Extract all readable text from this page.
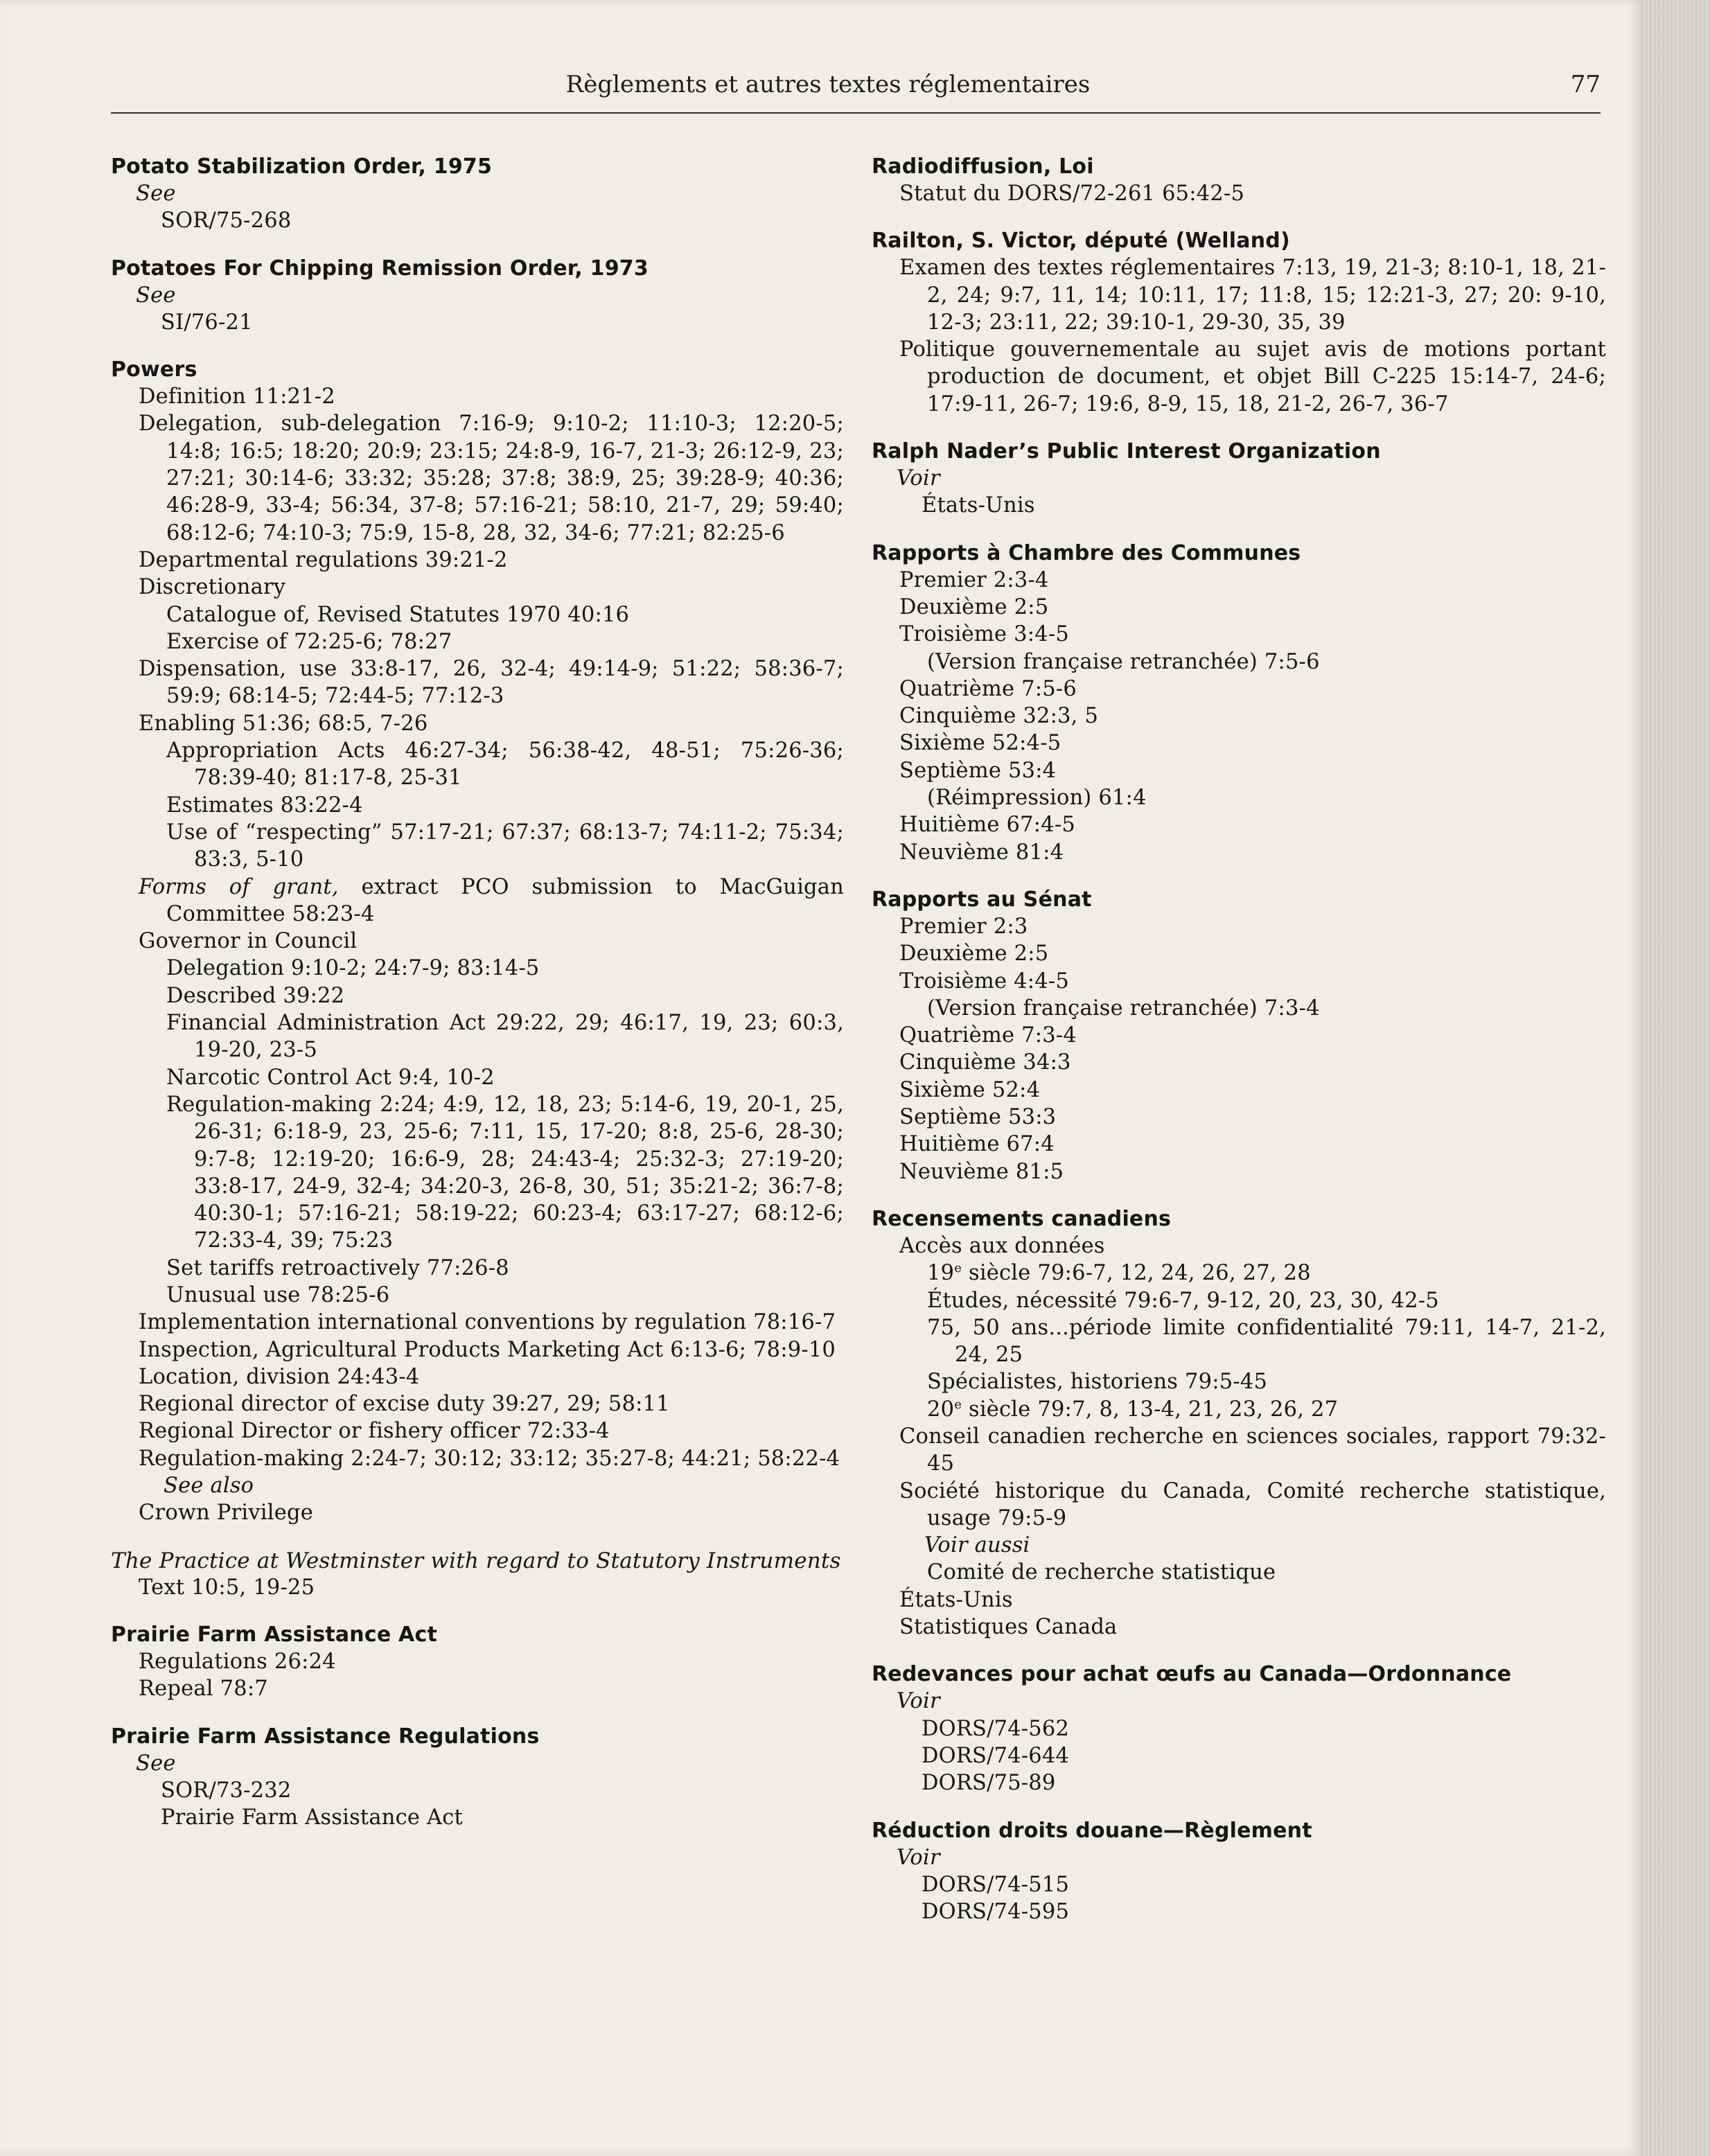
Règlements et autres textes réglementaires	77
Potato Stabilization Order, 1975
See
SOR/75-268
Potatoes For Chipping Remission Order, 1973
See
SI/76-21
Powers
Definition 11:21-2
Delegation, sub-delegation 7:16-9; 9:10-2; 11:10-3; 12:20-5; 14:8; 16:5; 18:20; 20:9; 23:15; 24:8-9, 16-7, 21-3; 26:12-9, 23; 27:21; 30:14-6; 33:32; 35:28; 37:8; 38:9, 25; 39:28-9; 40:36; 46:28-9, 33-4; 56:34, 37-8; 57:16-21; 58:10, 21-7, 29; 59:40; 68:12-6; 74:10-3; 75:9, 15-8, 28, 32, 34-6; 77:21; 82:25-6
Departmental regulations 39:21-2
Discretionary
Catalogue of, Revised Statutes 1970 40:16
Exercise of 72:25-6; 78:27
Dispensation, use 33:8-17, 26, 32-4; 49:14-9; 51:22; 58:36-7; 59:9; 68:14-5; 72:44-5; 77:12-3
Enabling 51:36; 68:5, 7-26
Appropriation Acts 46:27-34; 56:38-42, 48-51; 75:26-36; 78:39-40; 81:17-8, 25-31
Estimates 83:22-4
Use of “respecting” 57:17-21; 67:37; 68:13-7; 74:11-2; 75:34; 83:3, 5-10
Forms of grant, extract PCO submission to MacGuigan Committee 58:23-4
Governor in Council
Delegation 9:10-2; 24:7-9; 83:14-5
Described 39:22
Financial Administration Act 29:22, 29; 46:17, 19, 23; 60:3, 19-20, 23-5
Narcotic Control Act 9:4, 10-2
Regulation-making 2:24; 4:9, 12, 18, 23; 5:14-6, 19, 20-1, 25, 26-31; 6:18-9, 23, 25-6; 7:11, 15, 17-20; 8:8, 25-6, 28-30; 9:7-8; 12:19-20; 16:6-9, 28; 24:43-4; 25:32-3; 27:19-20; 33:8-17, 24-9, 32-4; 34:20-3, 26-8, 30, 51; 35:21-2; 36:7-8; 40:30-1; 57:16-21; 58:19-22; 60:23-4; 63:17-27; 68:12-6; 72:33-4, 39; 75:23
Set tariffs retroactively 77:26-8
Unusual use 78:25-6
Implementation international conventions by regulation 78:16-7
Inspection, Agricultural Products Marketing Act 6:13-6; 78:9-10
Location, division 24:43-4
Regional director of excise duty 39:27, 29; 58:11
Regional Director or fishery officer 72:33-4
Regulation-making 2:24-7; 30:12; 33:12; 35:27-8; 44:21; 58:22-4
See also
Crown Privilege
The Practice at Westminster with regard to Statutory Instruments
Text 10:5, 19-25
Prairie Farm Assistance Act
Regulations 26:24
Repeal 78:7
Prairie Farm Assistance Regulations
See
SOR/73-232
Prairie Farm Assistance Act
Radiodiffusion, Loi
Statut du DORS/72-261 65:42-5
Railton, S. Victor, député (Welland)
Examen des textes réglementaires 7:13, 19, 21-3; 8:10-1, 18, 21-2, 24; 9:7, 11, 14; 10:11, 17; 11:8, 15; 12:21-3, 27; 20: 9-10, 12-3; 23:11, 22; 39:10-1, 29-30, 35, 39
Politique gouvernementale au sujet avis de motions portant production de document, et objet Bill C-225 15:14-7, 24-6; 17:9-11, 26-7; 19:6, 8-9, 15, 18, 21-2, 26-7, 36-7
Ralph Nader’s Public Interest Organization
Voir
États-Unis
Rapports à Chambre des Communes
Premier 2:3-4
Deuxième 2:5
Troisième 3:4-5
(Version française retranchée) 7:5-6
Quatrième 7:5-6
Cinquième 32:3, 5
Sixième 52:4-5
Septième 53:4
(Réimpression) 61:4
Huitième 67:4-5
Neuvième 81:4
Rapports au Sénat
Premier 2:3
Deuxième 2:5
Troisième 4:4-5
(Version française retranchée) 7:3-4
Quatrième 7:3-4
Cinquième 34:3
Sixième 52:4
Septième 53:3
Huitième 67:4
Neuvième 81:5
Recensements canadiens
Accès aux données
19e siècle 79:6-7, 12, 24, 26, 27, 28
Études, nécessité 79:6-7, 9-12, 20, 23, 30, 42-5
75, 50 ans...période limite confidentialité 79:11, 14-7, 21-2, 24, 25
Spécialistes, historiens 79:5-45
20e siècle 79:7, 8, 13-4, 21, 23, 26, 27
Conseil canadien recherche en sciences sociales, rapport 79:32-45
Société historique du Canada, Comité recherche statistique, usage 79:5-9
Voir aussi
Comité de recherche statistique
États-Unis
Statistiques Canada
Redevances pour achat œufs au Canada—Ordonnance
Voir
DORS/74-562
DORS/74-644
DORS/75-89
Réduction droits douane—Règlement
Voir
DORS/74-515
DORS/74-595
